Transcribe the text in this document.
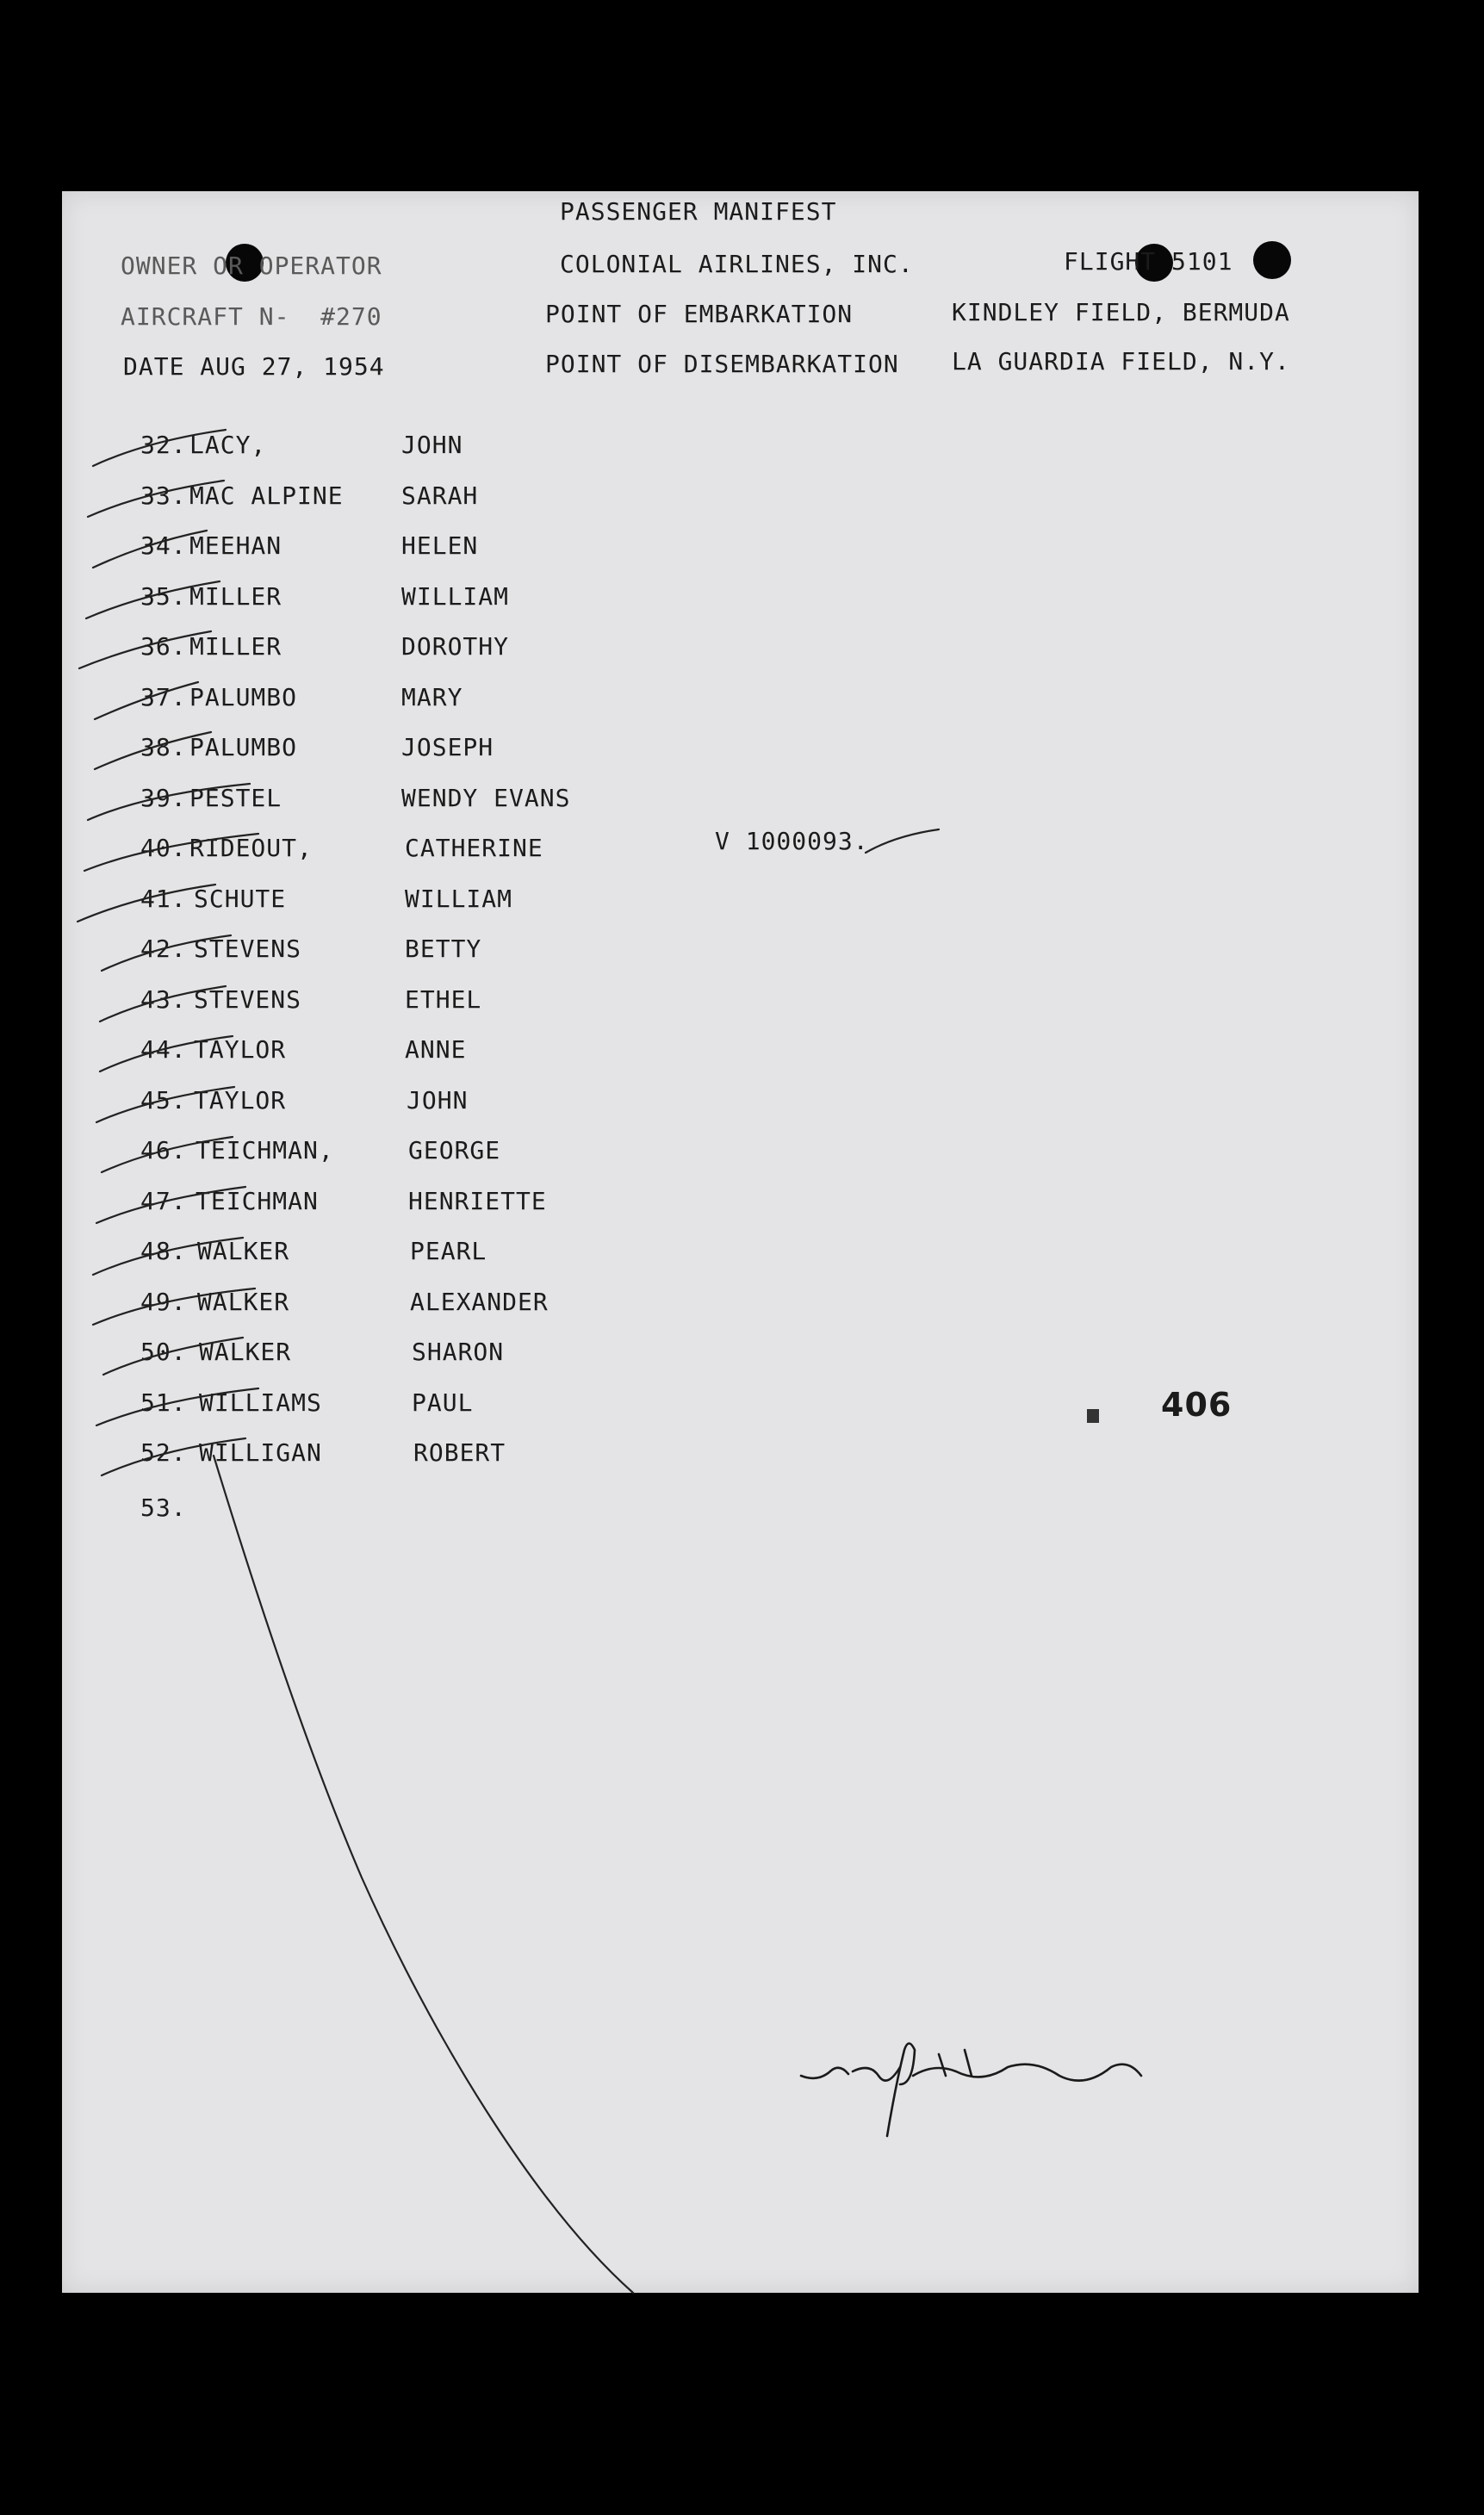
PASSENGER MANIFEST
OWNER OR OPERATOR	COLONIAL AIRLINES, INC.	FLIGHT 5101
AIRCRAFT N-  #270	POINT OF EMBARKATION	KINDLEY FIELD, BERMUDA
DATE AUG 27, 1954	POINT OF DISEMBARKATION LA GUARDIA FIELD, N.Y.
32. LACY,	JOHN
33. MAC ALPINE SARAH
34. MEEHAN	HELEN
35. MILLER	WILLIAM
36. MILLER	DOROTHY
37. PALUMBO	MARY
38. PALUMBO	JOSEPH
39. PESTEL	WENDY EVANS
40. RIDEOUT,	CATHERINE	V 1000093.
41. SCHUTE	WILLIAM
42. STEVENS	BETTY
43. STEVENS	ETHEL
44. TAYLOR	ANNE
45. TAYLOR	JOHN
46. TEICHMAN,	GEORGE
47. TEICHMAN	HENRIETTE
48. WALKER	PEARL
49. WALKER	ALEXANDER
50. WALKER	SHARON
51. WILLIAMS	PAUL
52. WILLIGAN	ROBERT
53.
406
